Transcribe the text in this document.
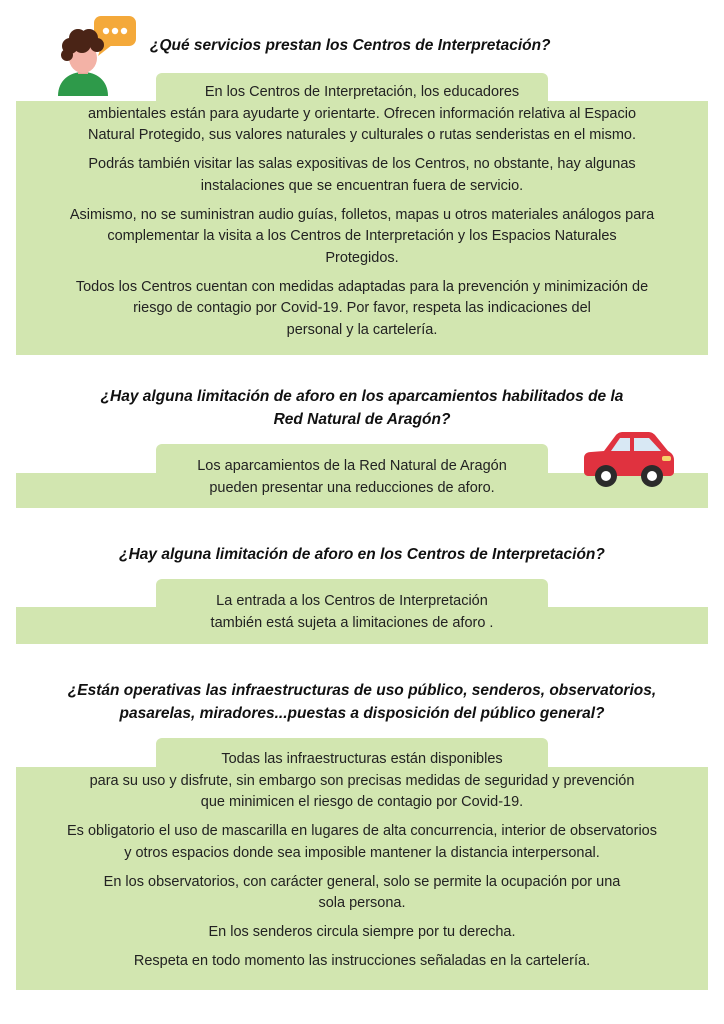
¿Qué servicios prestan los Centros de Interpretación?

En los Centros de Interpretación, los educadores
ambientales están para ayudarte y orientarte. Ofrecen información relativa al Espacio
Natural Protegido, sus valores naturales y culturales o rutas senderistas en el mismo.

Podrás también visitar las salas expositivas de los Centros, no obstante, hay algunas
instalaciones que se encuentran fuera de servicio.

Asimismo, no se suministran audio guías, folletos, mapas u otros materiales análogos para
complementar la visita a los Centros de Interpretación y los Espacios Naturales
Protegidos.

Todos los Centros cuentan con medidas adaptadas para la prevención y minimización de
riesgo de contagio por Covid-19. Por favor, respeta las indicaciones del
personal y la cartelería.

¿Hay alguna limitación de aforo en los aparcamientos habilitados de la
Red Natural de Aragón?
Los aparcamientos de la Red Natural de Aragón
pueden presentar una reducciones de aforo.
¿Hay alguna limitación de aforo en los Centros de Interpretación?
La entrada a los Centros de Interpretación
también está sujeta a limitaciones de aforo .
¿Están operativas las infraestructuras de uso público, senderos, observatorios,
pasarelas, miradores...puestas a disposición del público general?

Todas las infraestructuras están disponibles
para su uso y disfrute, sin embargo son precisas medidas de seguridad y prevención
que minimicen el riesgo de contagio por Covid-19.

Es obligatorio el uso de mascarilla en lugares de alta concurrencia, interior de observatorios
y otros espacios donde sea imposible mantener la distancia interpersonal.

En los observatorios, con carácter general, solo se permite la ocupación por una
sola persona.

En los senderos circula siempre por tu derecha.

Respeta en todo momento las instrucciones señaladas en la cartelería.
